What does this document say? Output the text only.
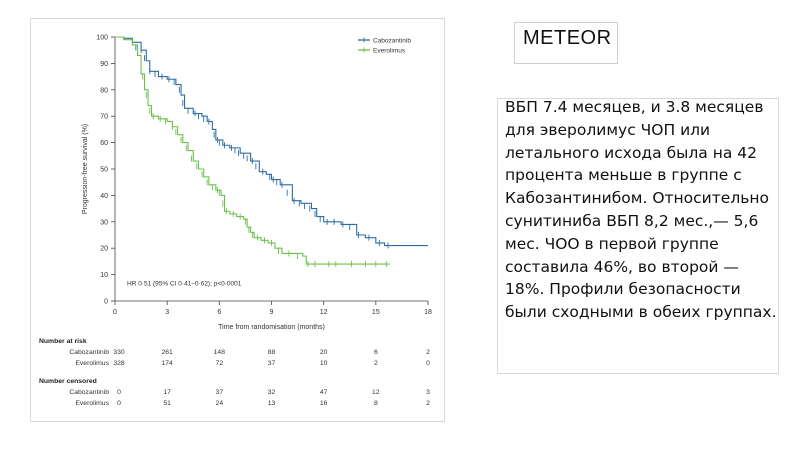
0
10
20
30
40
50
60
70
80
90
100
0	3	6	9	12	15	18
Time from randomisation (months)
Progression-free survival (%)
Cabozantinib
Everolimus
HR 0·51 (95% CI 0·41–0·62); p<0·0001
Number at risk
Cabozantinib 330	261	148	88	20	6	2
Everolimus 328	174	72	37	10	2	0
Number censored
Cabozantinib 0	17	37	32	47	12	3
Everolimus 0	51	24	13	16	8	2
METEOR
ВБП 7.4 месяцев, и 3.8 месяцев для эверолимус ЧОП или летального исхода была на 42 процента меньше в группе с Кабозантинибом. Относительно сунитиниба ВБП 8,2 мес.,— 5,6 мес. ЧОО в первой группе составила 46%, во второй — 18%. Профили безопасности были сходными в обеих группах.
